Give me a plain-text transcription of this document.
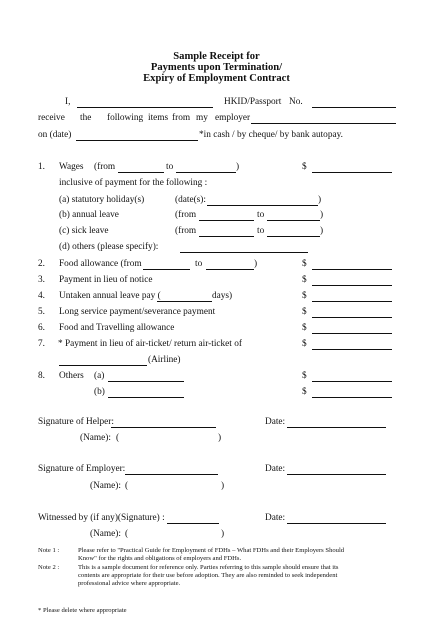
Sample Receipt for
Payments upon Termination/
Expiry of Employment Contract
I,	HKID/Passport No.
receive the following items from my employer
on (date)	*in cash / by cheque/ by bank autopay.
1. Wages (from	to	)	$
inclusive of payment for the following :
(a) statutory holiday(s)	(date(s):	)
(b) annual leave	(from	to	)
(c) sick leave	(from	to	)
(d) others (please specify):
2. Food allowance (from	to	)	$
3. Payment in lieu of notice	$
4. Untaken annual leave pay (	days)	$
5. Long service payment/severance payment	$
6. Food and Travelling allowance	$
7. * Payment in lieu of air-ticket/ return air-ticket of	$
(Airline)
8. Others (a)	$
(b)	$
Signature of Helper:	Date:
(Name): (	)
Signature of Employer:	Date:
(Name): (	)
Witnessed by (if any)(Signature) :	Date:
(Name): (	)
Note 1 :	Please refer to "Practical Guide for Employment of FDHs – What FDHs and their Employers Should
Know" for the rights and obligations of employers and FDHs.
Note 2 :	This is a sample document for reference only. Parties referring to this sample should ensure that its
contents are appropriate for their use before adoption. They are also reminded to seek independent
professional advice where appropriate.
* Please delete where appropriate
